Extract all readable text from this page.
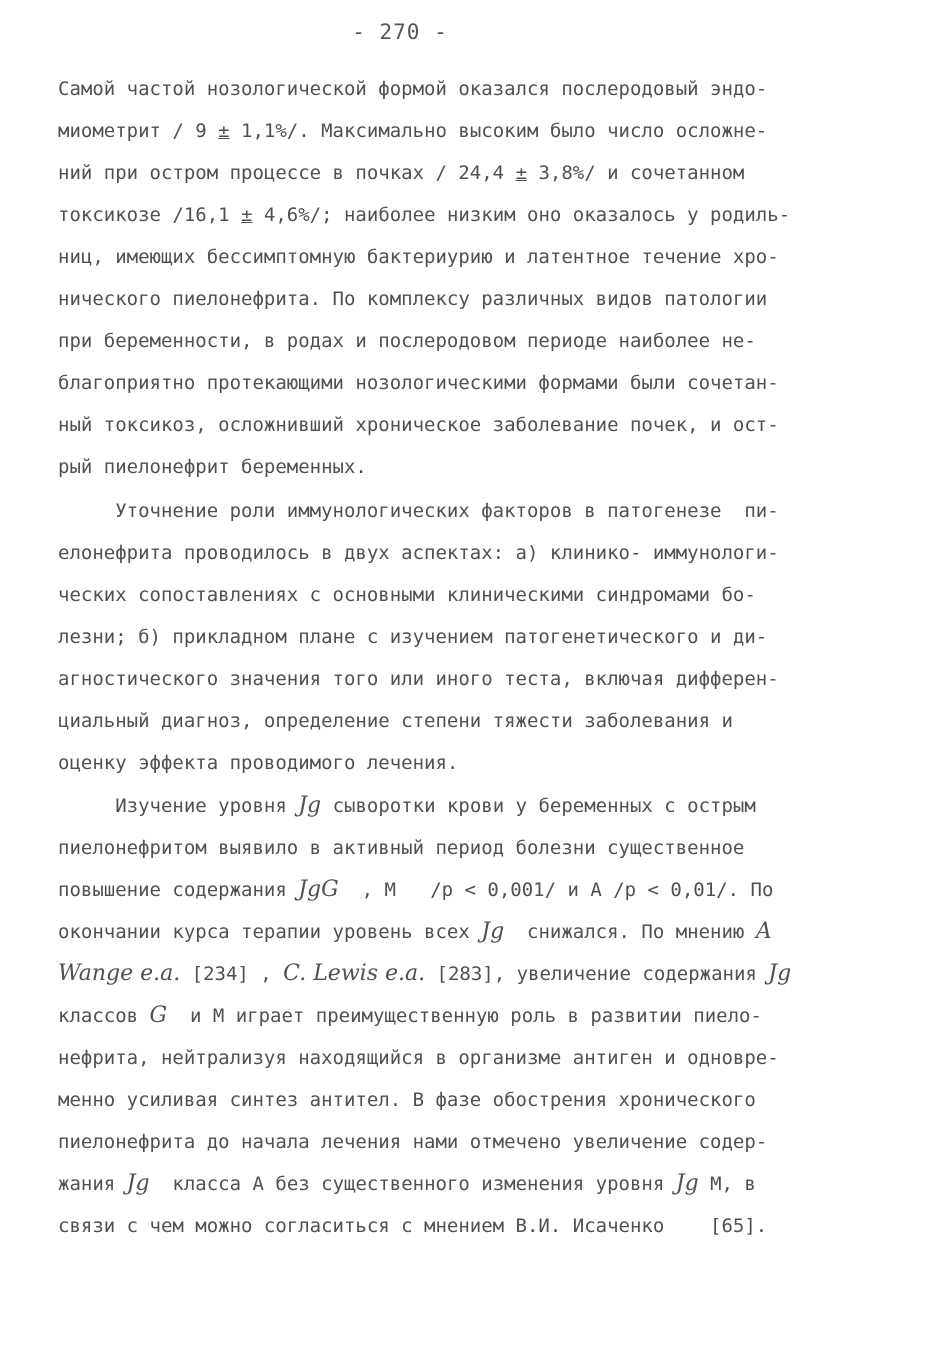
- 270 -
Самой частой нозологической формой оказался послеродовый эндо-
миометрит / 9 ± 1,1%/. Максимально высоким было число осложне-
ний при остром процессе в почках / 24,4 ± 3,8%/ и сочетанном
токсикозе /16,1 ± 4,6%/; наиболее низким оно оказалось у родиль-
ниц, имеющих бессимптомную бактериурию и латентное течение хро-
нического пиелонефрита. По комплексу различных видов патологии
при беременности, в родах и послеродовом периоде наиболее не-
благоприятно протекающими нозологическими формами были сочетан-
ный токсикоз, осложнивший хроническое заболевание почек, и ост-
рый пиелонефрит беременных.
Уточнение роли иммунологических факторов в патогенезе  пи-
елонефрита проводилось в двух аспектах: а) клинико- иммунологи-
ческих сопоставлениях с основными клиническими синдромами бо-
лезни; б) прикладном плане с изучением патогенетического и ди-
агностического значения того или иного теста, включая дифферен-
циальный диагноз, определение степени тяжести заболевания и
оценку эффекта проводимого лечения.
Изучение уровня Jg сыворотки крови у беременных с острым
пиелонефритом выявило в активный период болезни существенное
повышение содержания JgG  , М   /р < 0,001/ и А /р < 0,01/. По
окончании курса терапии уровень всех Jg  снижался. По мнению A
Wange e.a. [234] , C. Lewis e.a. [283], увеличение содержания Jg
классов G  и М играет преимущественную роль в развитии пиело-
нефрита, нейтрализуя находящийся в организме антиген и одновре-
менно усиливая синтез антител. В фазе обострения хронического
пиелонефрита до начала лечения нами отмечено увеличение содер-
жания Jg  класса А без существенного изменения уровня Jg М, в
связи с чем можно согласиться с мнением В.И. Исаченко    [65].
